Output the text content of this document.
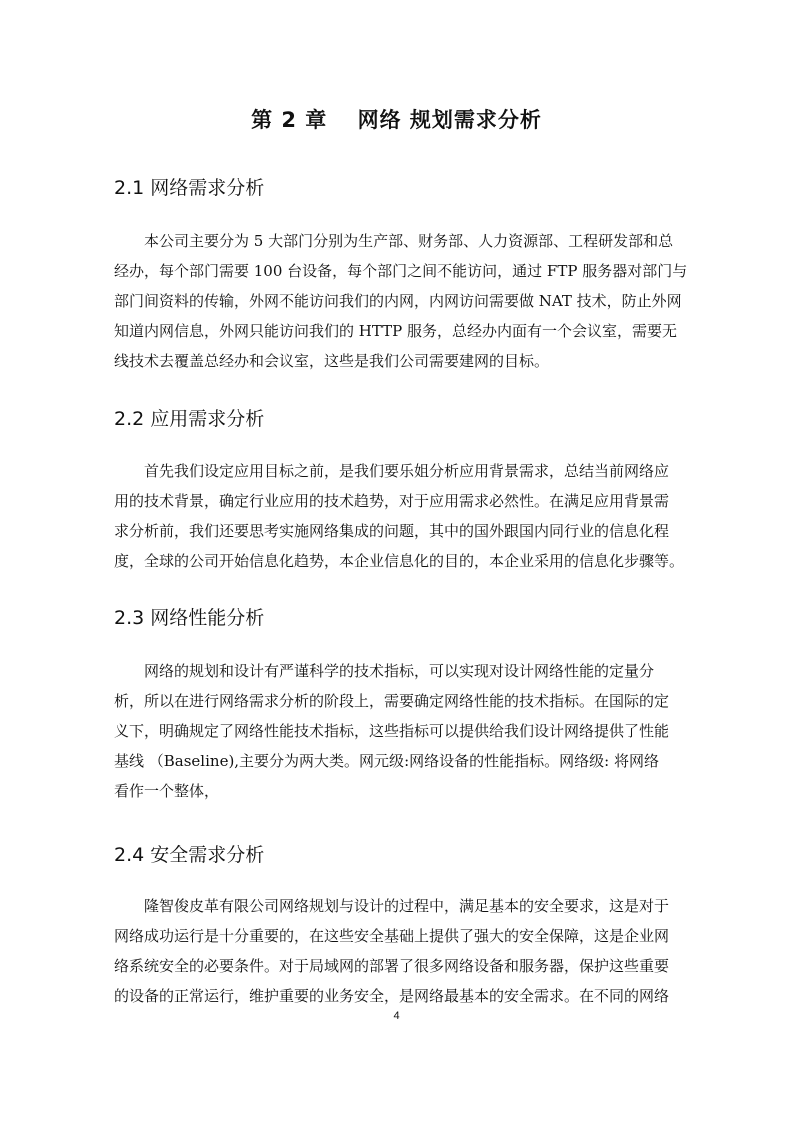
第 2 章　 网络 规划需求分析
2.1 网络需求分析
　　本公司主要分为 5 大部门分别为生产部、财务部、人力资源部、工程研发部和总
经办，每个部门需要 100 台设备，每个部门之间不能访问，通过 FTP 服务器对部门与
部门间资料的传输，外网不能访问我们的内网，内网访问需要做 NAT 技术，防止外网
知道内网信息，外网只能访问我们的 HTTP 服务，总经办内面有一个会议室，需要无
线技术去覆盖总经办和会议室，这些是我们公司需要建网的目标。
2.2 应用需求分析
　　首先我们设定应用目标之前，是我们要乐姐分析应用背景需求，总结当前网络应
用的技术背景，确定行业应用的技术趋势，对于应用需求必然性。在满足应用背景需
求分析前，我们还要思考实施网络集成的问题，其中的国外跟国内同行业的信息化程
度，全球的公司开始信息化趋势，本企业信息化的目的，本企业采用的信息化步骤等。
2.3 网络性能分析
　　网络的规划和设计有严谨科学的技术指标，可以实现对设计网络性能的定量分
析，所以在进行网络需求分析的阶段上，需要确定网络性能的技术指标。在国际的定
义下，明确规定了网络性能技术指标，这些指标可以提供给我们设计网络提供了性能
基线 （Baseline),主要分为两大类。网元级:网络设备的性能指标。网络级: 将网络
看作一个整体，
2.4 安全需求分析
　　隆智俊皮革有限公司网络规划与设计的过程中，满足基本的安全要求，这是对于
网络成功运行是十分重要的，在这些安全基础上提供了强大的安全保障，这是企业网
络系统安全的必要条件。对于局域网的部署了很多网络设备和服务器，保护这些重要
的设备的正常运行，维护重要的业务安全，是网络最基本的安全需求。在不同的网络
4
